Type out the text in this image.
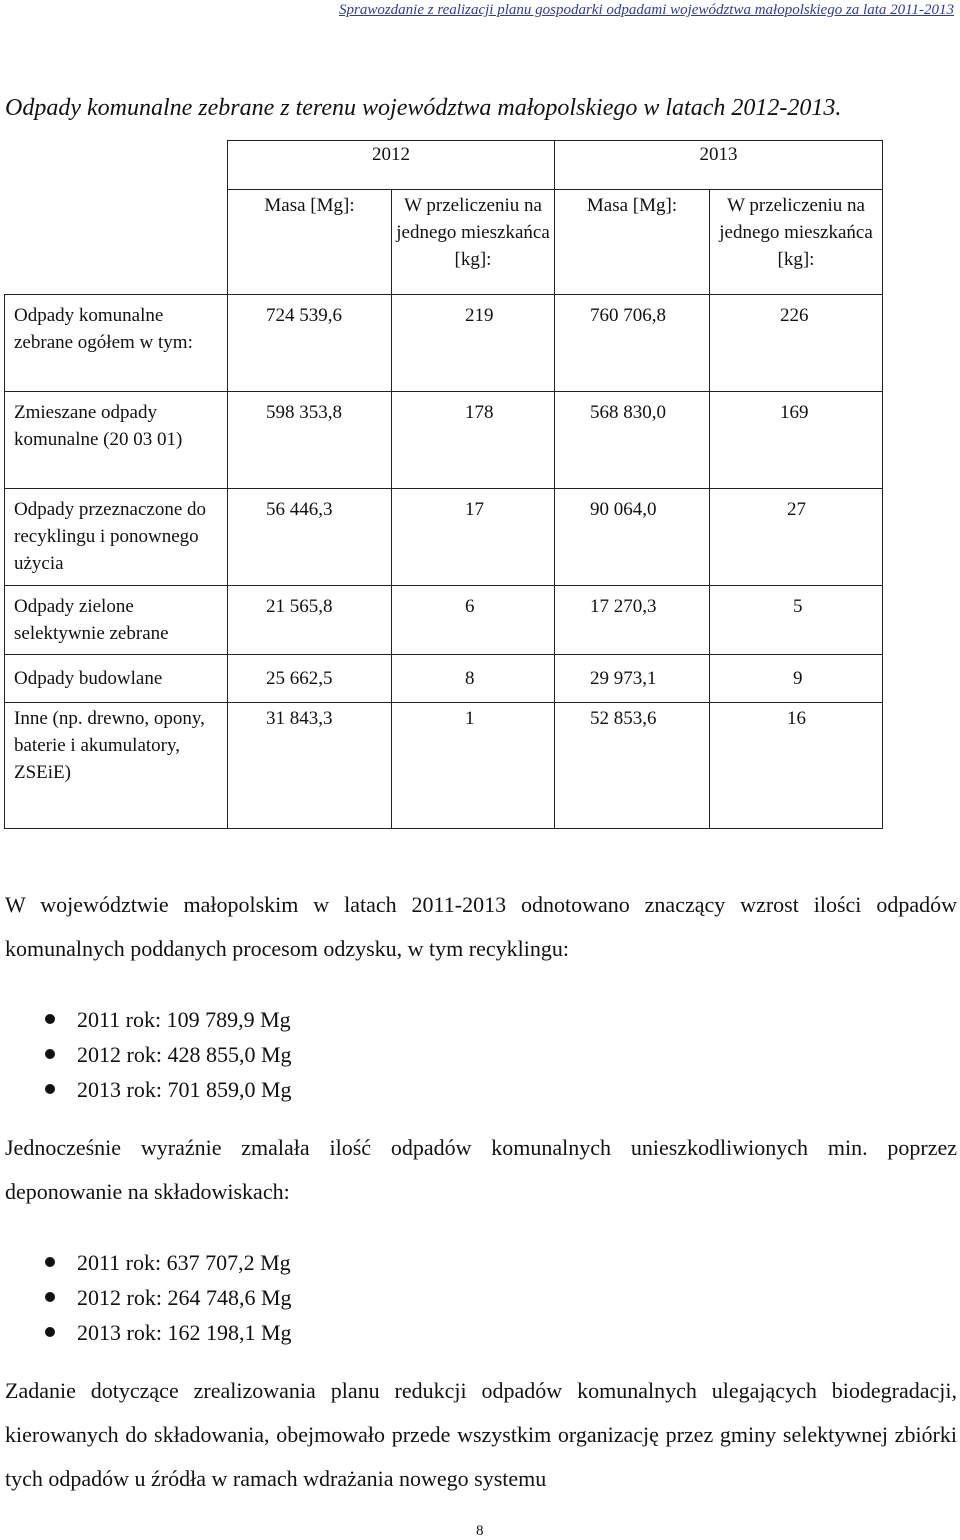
Sprawozdanie z realizacji planu gospodarki odpadami województwa małopolskiego za lata 2011-2013
Odpady komunalne zebrane z terenu województwa małopolskiego w latach 2012-2013.
	2012		2013	
	Masa [Mg]:	W przeliczeniu na jednego mieszkańca [kg]:	Masa [Mg]:	W przeliczeniu na jednego mieszkańca [kg]:
Odpady komunalne zebrane ogółem w tym:	724 539,6	219	760 706,8	226
Zmieszane odpady komunalne (20 03 01)	598 353,8	178	568 830,0	169
Odpady przeznaczone do recyklingu i ponownego użycia	56 446,3	17	90 064,0	27
Odpady zielone selektywnie zebrane	21 565,8	6	17 270,3	5
Odpady budowlane	25 662,5	8	29 973,1	9
Inne (np. drewno, opony, baterie i akumulatory, ZSEiE)	31 843,3	1	52 853,6	16
W województwie małopolskim w latach 2011-2013 odnotowano znaczący wzrost ilości odpadów komunalnych poddanych procesom odzysku, w tym recyklingu:
2011 rok: 109 789,9 Mg
2012 rok: 428 855,0 Mg
2013 rok: 701 859,0 Mg
Jednocześnie wyraźnie zmalała ilość odpadów komunalnych unieszkodliwionych min. poprzez deponowanie na składowiskach:
2011 rok: 637 707,2 Mg
2012 rok: 264 748,6 Mg
2013 rok: 162 198,1 Mg
Zadanie dotyczące zrealizowania planu redukcji odpadów komunalnych ulegających biodegradacji, kierowanych do składowania, obejmowało przede wszystkim organizację przez gminy selektywnej zbiórki tych odpadów u źródła w ramach wdrażania nowego systemu
8
